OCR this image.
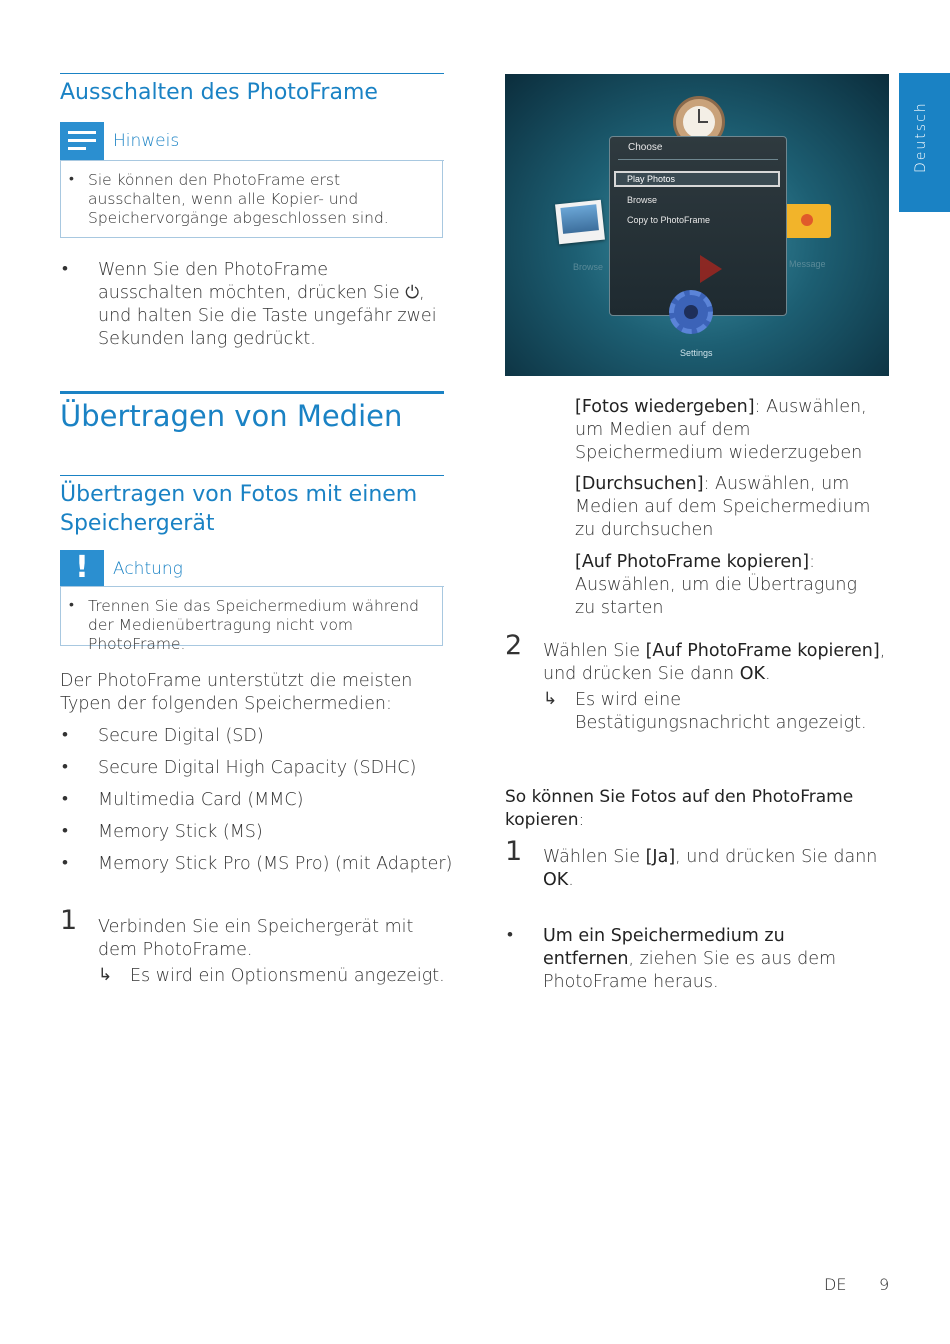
Deutsch
Ausschalten des PhotoFrame
Hinweis
• Sie können den PhotoFrame erst ausschalten, wenn alle Kopier- und Speichervorgänge abgeschlossen sind.
• Wenn Sie den PhotoFrame ausschalten möchten, drücken Sie ⏻, und halten Sie die Taste ungefähr zwei Sekunden lang gedrückt.
Übertragen von Medien
Übertragen von Fotos mit einem Speichergerät
!	Achtung
• Trennen Sie das Speichermedium während der Medienübertragung nicht vom PhotoFrame.
Der PhotoFrame unterstützt die meisten Typen der folgenden Speichermedien:
• Secure Digital (SD)
• Secure Digital High Capacity (SDHC)
• Multimedia Card (MMC)
• Memory Stick (MS)
• Memory Stick Pro (MS Pro) (mit Adapter)
1 Verbinden Sie ein Speichergerät mit dem PhotoFrame.
↳ Es wird ein Optionsmenü angezeigt.
Browse	Message
Choose
Play Photos
Browse
Copy to PhotoFrame
Settings
[Fotos wiedergeben]: Auswählen, um Medien auf dem Speichermedium wiederzugeben
[Durchsuchen]: Auswählen, um Medien auf dem Speichermedium zu durchsuchen
[Auf PhotoFrame kopieren]: Auswählen, um die Übertragung zu starten
2 Wählen Sie [Auf PhotoFrame kopieren], und drücken Sie dann OK.
↳ Es wird eine Bestätigungsnachricht angezeigt.
So können Sie Fotos auf den PhotoFrame kopieren:
1 Wählen Sie [Ja], und drücken Sie dann OK.
• Um ein Speichermedium zu entfernen, ziehen Sie es aus dem PhotoFrame heraus.
DE 9
